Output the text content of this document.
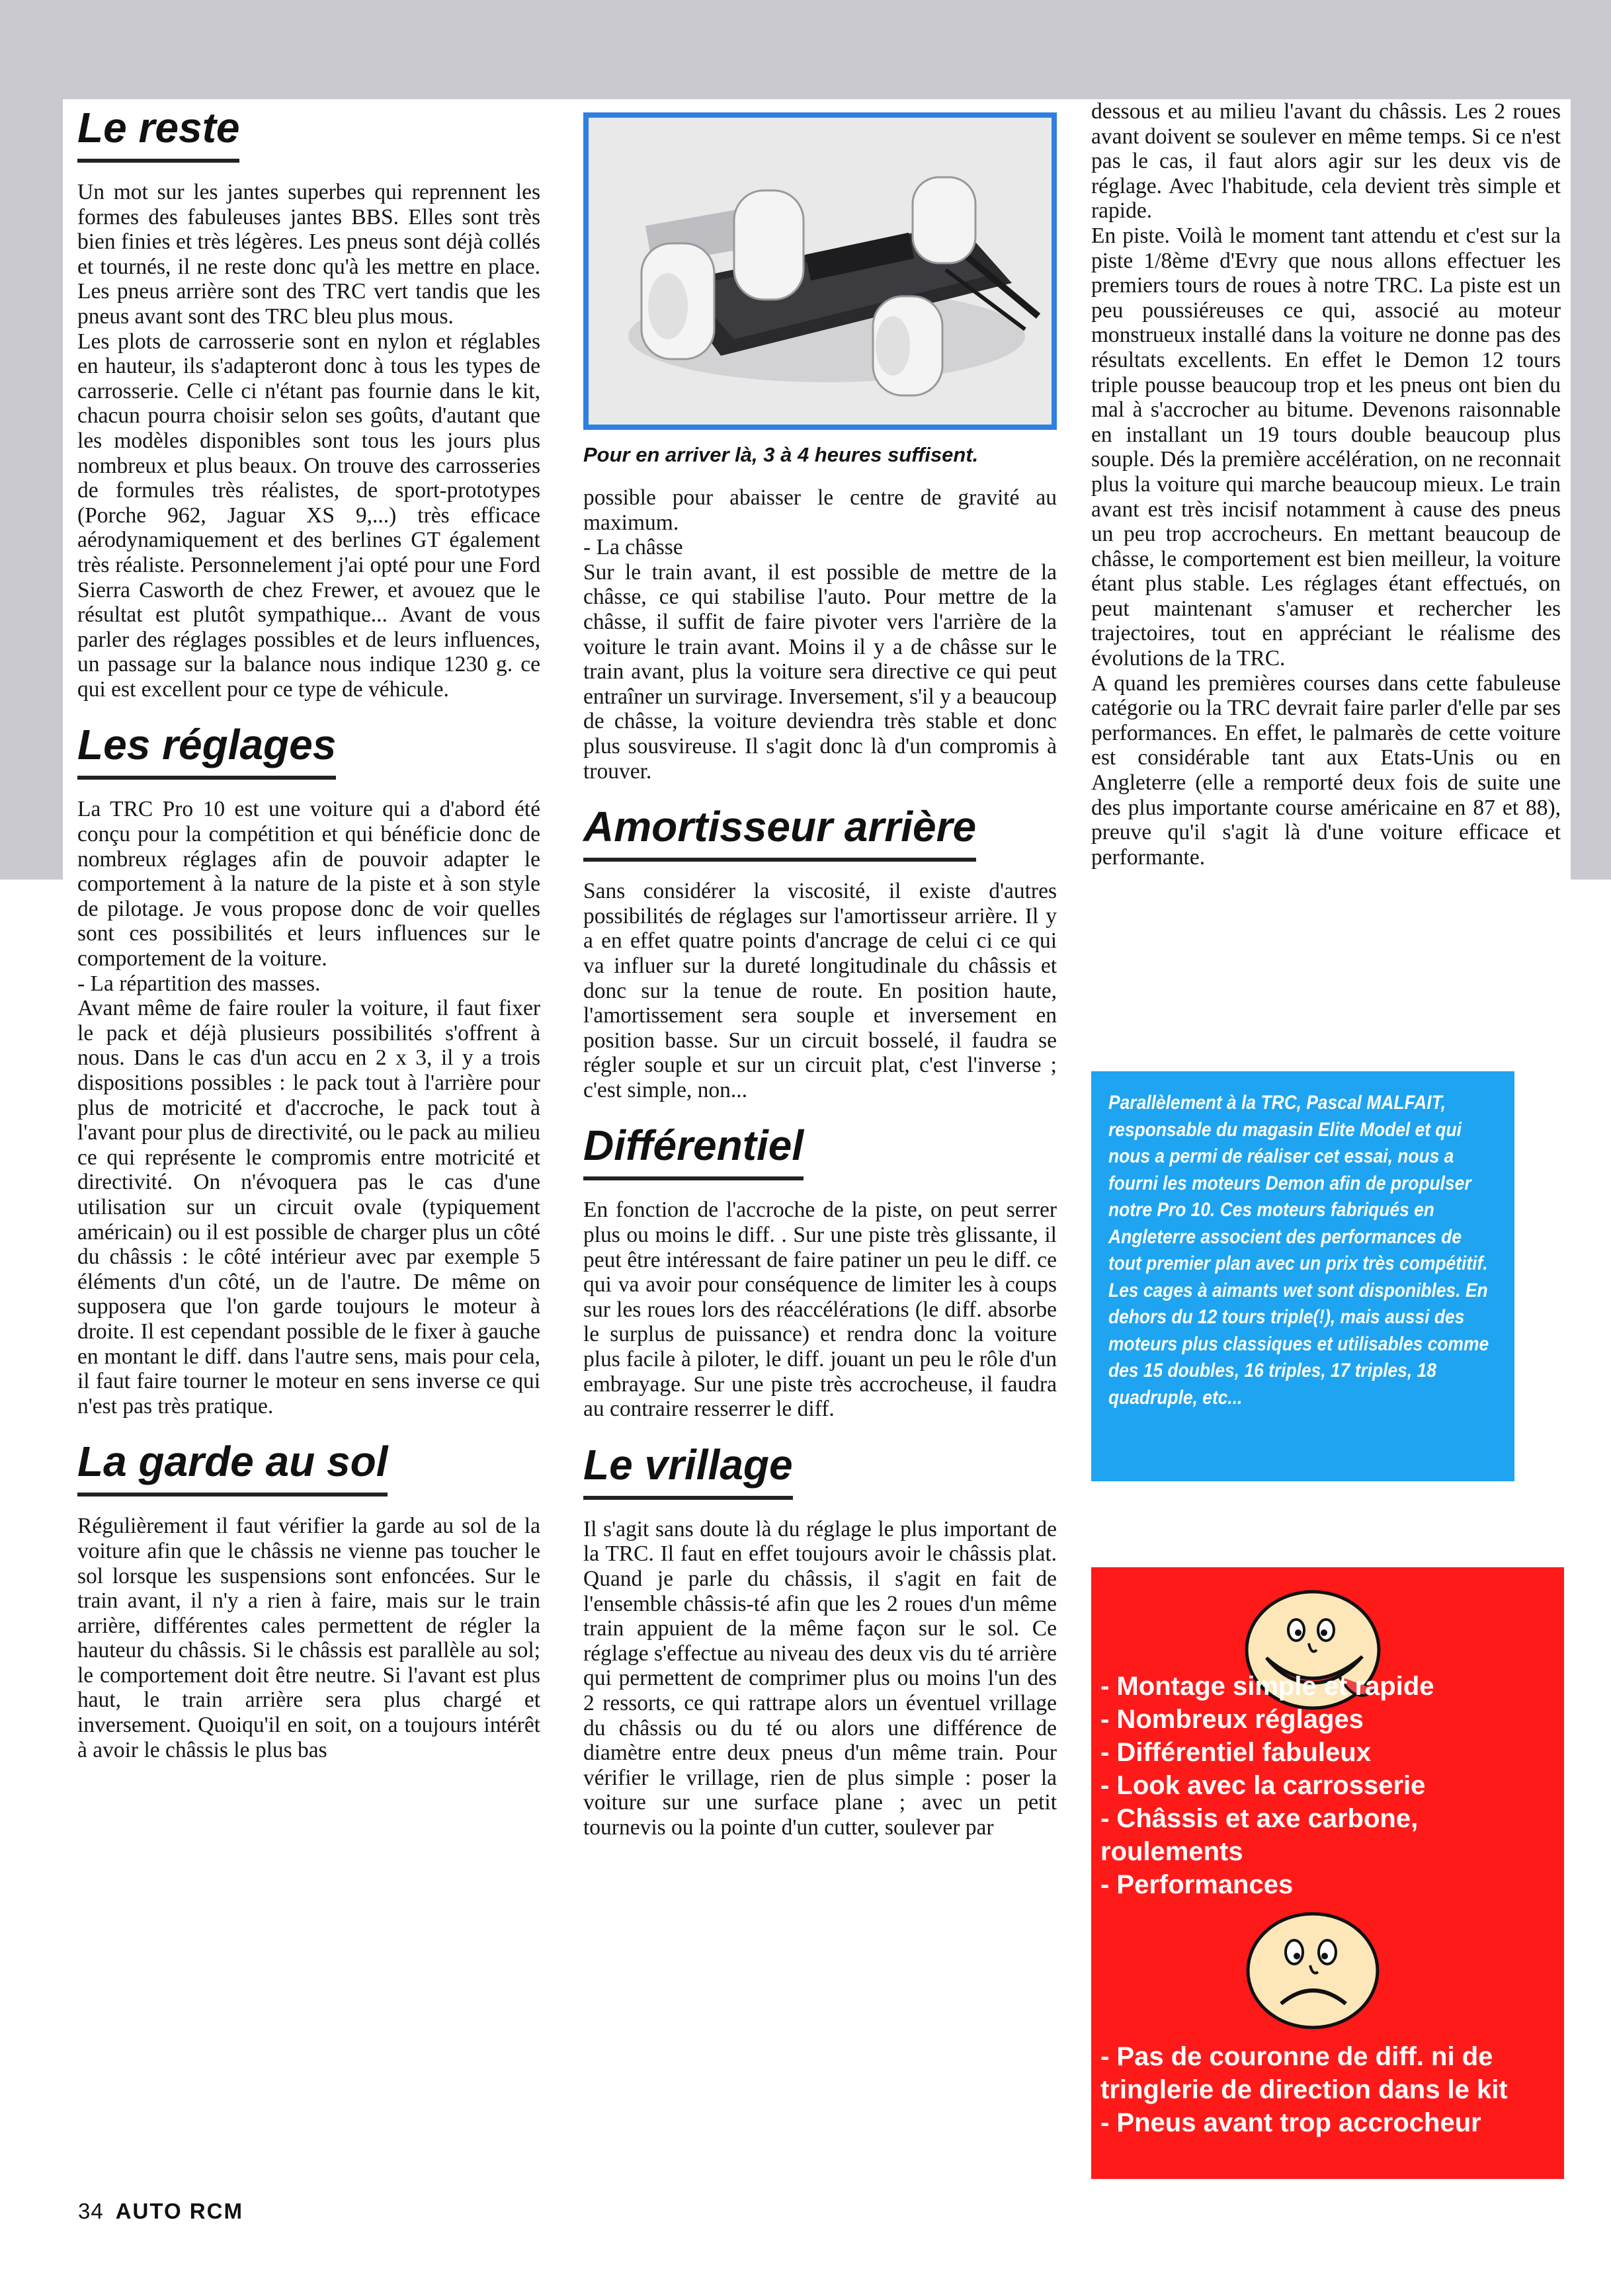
Le reste

Un mot sur les jantes superbes qui reprennent les formes des fabuleuses jantes BBS. Elles sont très bien finies et très légères. Les pneus sont déjà collés et tournés, il ne reste donc qu'à les mettre en place. Les pneus arrière sont des TRC vert tandis que les pneus avant sont des TRC bleu plus mous.

Les plots de carrosserie sont en nylon et réglables en hauteur, ils s'adapteront donc à tous les types de carrosserie. Celle ci n'étant pas fournie dans le kit, chacun pourra choisir selon ses goûts, d'autant que les modèles disponibles sont tous les jours plus nombreux et plus beaux. On trouve des carrosseries de formules très réalistes, de sport-prototypes (Porche 962, Jaguar XS 9,...) très efficace aérodynamiquement et des berlines GT également très réaliste. Personnelement j'ai opté pour une Ford Sierra Casworth de chez Frewer, et avouez que le résultat est plutôt sympathique... Avant de vous parler des réglages possibles et de leurs influences, un passage sur la balance nous indique 1230 g. ce qui est excellent pour ce type de véhicule.

Les réglages

La TRC Pro 10 est une voiture qui a d'abord été conçu pour la compétition et qui bénéficie donc de nombreux réglages afin de pouvoir adapter le comportement à la nature de la piste et à son style de pilotage. Je vous propose donc de voir quelles sont ces possibilités et leurs influences sur le comportement de la voiture.

- La répartition des masses.

Avant même de faire rouler la voiture, il faut fixer le pack et déjà plusieurs possibilités s'offrent à nous. Dans le cas d'un accu en 2 x 3, il y a trois dispositions possibles : le pack tout à l'arrière pour plus de motricité et d'accroche, le pack tout à l'avant pour plus de directivité, ou le pack au milieu ce qui représente le compromis entre motricité et directivité. On n'évoquera pas le cas d'une utilisation sur un circuit ovale (typiquement américain) ou il est possible de charger plus un côté du châssis : le côté intérieur avec par exemple 5 éléments d'un côté, un de l'autre. De même on supposera que l'on garde toujours le moteur à droite. Il est cependant possible de le fixer à gauche en montant le diff. dans l'autre sens, mais pour cela, il faut faire tourner le moteur en sens inverse ce qui n'est pas très pratique.

La garde au sol

Régulièrement il faut vérifier la garde au sol de la voiture afin que le châssis ne vienne pas toucher le sol lorsque les suspensions sont enfoncées. Sur le train avant, il n'y a rien à faire, mais sur le train arrière, différentes cales permettent de régler la hauteur du châssis. Si le châssis est parallèle au sol; le comportement doit être neutre. Si l'avant est plus haut, le train arrière sera plus chargé et inversement. Quoiqu'il en soit, on a toujours intérêt à avoir le châssis le plus bas

Pour en arriver là, 3 à 4 heures suffisent.

possible pour abaisser le centre de gravité au maximum.

- La châsse

Sur le train avant, il est possible de mettre de la châsse, ce qui stabilise l'auto. Pour mettre de la châsse, il suffit de faire pivoter vers l'arrière de la voiture le train avant. Moins il y a de châsse sur le train avant, plus la voiture sera directive ce qui peut entraîner un survirage. Inversement, s'il y a beaucoup de châsse, la voiture deviendra très stable et donc plus sousvireuse. Il s'agit donc là d'un compromis à trouver.

Amortisseur arrière

Sans considérer la viscosité, il existe d'autres possibilités de réglages sur l'amortisseur arrière. Il y a en effet quatre points d'ancrage de celui ci ce qui va influer sur la dureté longitudinale du châssis et donc sur la tenue de route. En position haute, l'amortissement sera souple et inversement en position basse. Sur un circuit bosselé, il faudra se régler souple et sur un circuit plat, c'est l'inverse ; c'est simple, non...

Différentiel

En fonction de l'accroche de la piste, on peut serrer plus ou moins le diff. . Sur une piste très glissante, il peut être intéressant de faire patiner un peu le diff. ce qui va avoir pour conséquence de limiter les à coups sur les roues lors des réaccélérations (le diff. absorbe le surplus de puissance) et rendra donc la voiture plus facile à piloter, le diff. jouant un peu le rôle d'un embrayage. Sur une piste très accrocheuse, il faudra au contraire resserrer le diff.

Le vrillage

Il s'agit sans doute là du réglage le plus important de la TRC. Il faut en effet toujours avoir le châssis plat. Quand je parle du châssis, il s'agit en fait de l'ensemble châssis-té afin que les 2 roues d'un même train appuient de la même façon sur le sol. Ce réglage s'effectue au niveau des deux vis du té arrière qui permettent de comprimer plus ou moins l'un des 2 ressorts, ce qui rattrape alors un éventuel vrillage du châssis ou du té ou alors une différence de diamètre entre deux pneus d'un même train. Pour vérifier le vrillage, rien de plus simple : poser la voiture sur une surface plane ; avec un petit tournevis ou la pointe d'un cutter, soulever par

dessous et au milieu l'avant du châssis. Les 2 roues avant doivent se soulever en même temps. Si ce n'est pas le cas, il faut alors agir sur les deux vis de réglage. Avec l'habitude, cela devient très simple et rapide.

En piste. Voilà le moment tant attendu et c'est sur la piste 1/8ème d'Evry que nous allons effectuer les premiers tours de roues à notre TRC. La piste est un peu poussiéreuses ce qui, associé au moteur monstrueux installé dans la voiture ne donne pas des résultats excellents. En effet le Demon 12 tours triple pousse beaucoup trop et les pneus ont bien du mal à s'accrocher au bitume. Devenons raisonnable en installant un 19 tours double beaucoup plus souple. Dés la première accélération, on ne reconnait plus la voiture qui marche beaucoup mieux. Le train avant est très incisif notamment à cause des pneus un peu trop accrocheurs. En mettant beaucoup de châsse, le comportement est bien meilleur, la voiture étant plus stable. Les réglages étant effectués, on peut maintenant s'amuser et rechercher les trajectoires, tout en appréciant le réalisme des évolutions de la TRC.

A quand les premières courses dans cette fabuleuse catégorie ou la TRC devrait faire parler d'elle par ses performances. En effet, le palmarès de cette voiture est considérable tant aux Etats-Unis ou en Angleterre (elle a remporté deux fois de suite une des plus importante course américaine en 87 et 88), preuve qu'il s'agit là d'une voiture efficace et performante.

Parallèlement à la TRC, Pascal MALFAIT, responsable du magasin Elite Model et qui nous a permi de réaliser cet essai, nous a fourni les moteurs Demon afin de propulser notre Pro 10. Ces moteurs fabriqués en Angleterre associent des performances de tout premier plan avec un prix très compétitif. Les cages à aimants wet sont disponibles. En dehors du 12 tours triple(!), mais aussi des moteurs plus classiques et utilisables comme des 15 doubles, 16 triples, 17 triples, 18 quadruple, etc...

- Montage simple et rapide
- Nombreux réglages
- Différentiel fabuleux
- Look avec la carrosserie
- Châssis et axe carbone, roulements
- Performances
- Pas de couronne de diff. ni de tringlerie de direction dans le kit
- Pneus avant trop accrocheur
34 AUTO RCM
